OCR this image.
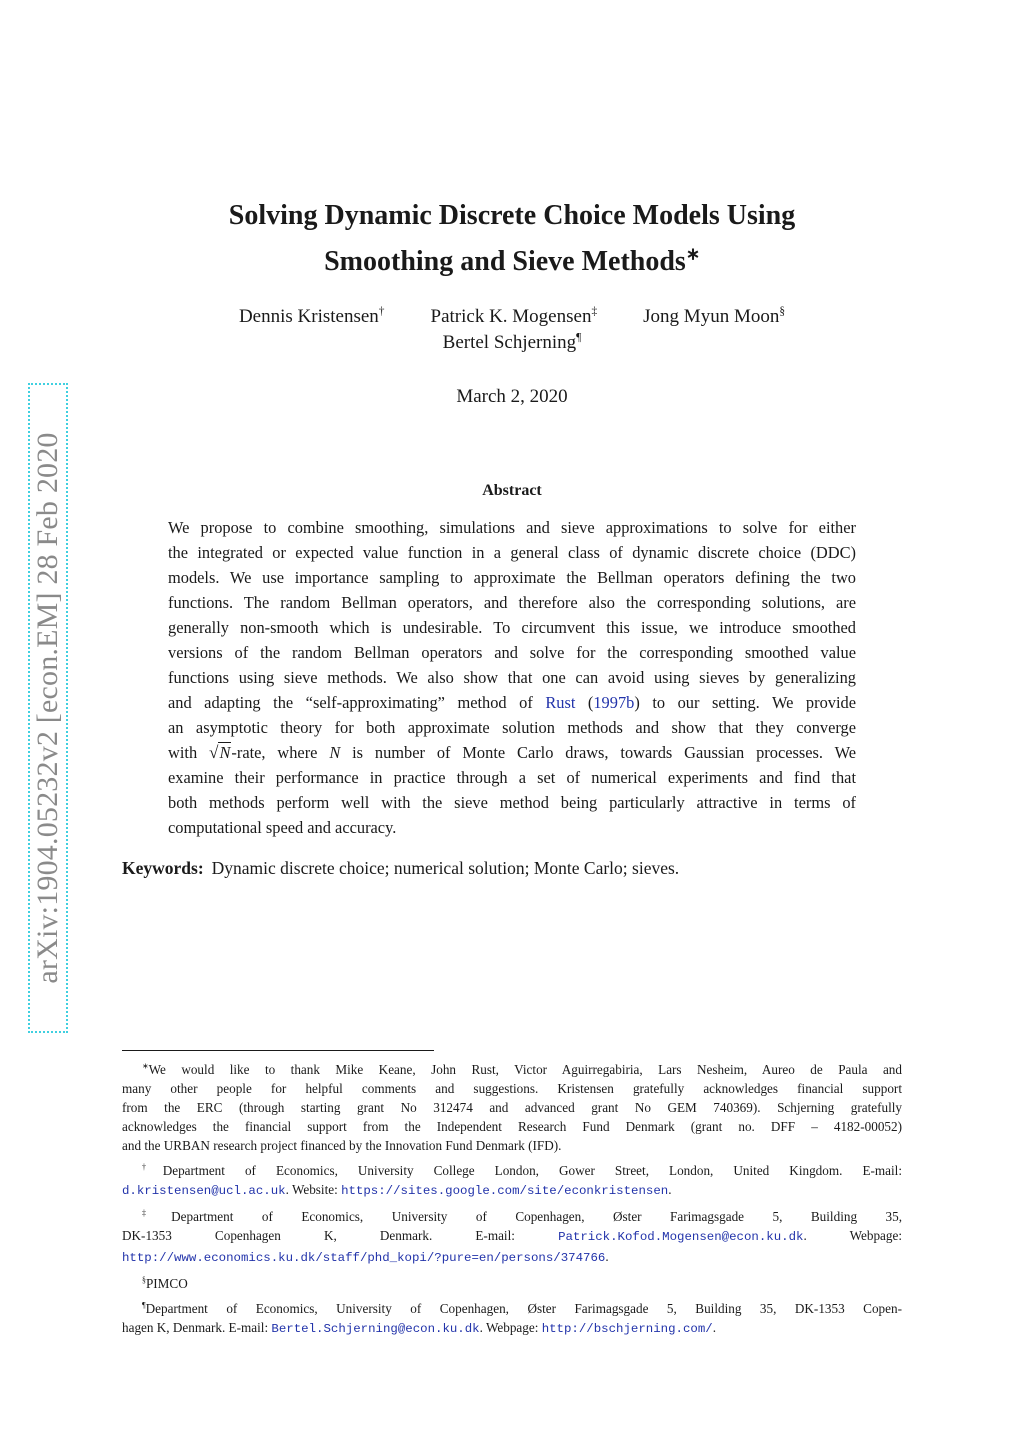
arXiv:1904.05232v2 [econ.EM] 28 Feb 2020
Solving Dynamic Discrete Choice Models Using
Smoothing and Sieve Methods∗
Dennis Kristensen† Patrick K. Mogensen‡ Jong Myun Moon§
Bertel Schjerning¶
March 2, 2020
Abstract
We propose to combine smoothing, simulations and sieve approximations to solve for either
the integrated or expected value function in a general class of dynamic discrete choice (DDC)
models. We use importance sampling to approximate the Bellman operators defining the two
functions. The random Bellman operators, and therefore also the corresponding solutions, are
generally non-smooth which is undesirable. To circumvent this issue, we introduce smoothed
versions of the random Bellman operators and solve for the corresponding smoothed value
functions using sieve methods. We also show that one can avoid using sieves by generalizing
and adapting the “self-approximating” method of Rust (1997b) to our setting. We provide
an asymptotic theory for both approximate solution methods and show that they converge
with √N-rate, where N is number of Monte Carlo draws, towards Gaussian processes. We
examine their performance in practice through a set of numerical experiments and find that
both methods perform well with the sieve method being particularly attractive in terms of
computational speed and accuracy.
Keywords: Dynamic discrete choice; numerical solution; Monte Carlo; sieves.
∗We would like to thank Mike Keane, John Rust, Victor Aguirregabiria, Lars Nesheim, Aureo de Paula and
many other people for helpful comments and suggestions. Kristensen gratefully acknowledges financial support
from the ERC (through starting grant No 312474 and advanced grant No GEM 740369). Schjerning gratefully
acknowledges the financial support from the Independent Research Fund Denmark (grant no. DFF – 4182-00052)
and the URBAN research project financed by the Innovation Fund Denmark (IFD).
†Department of Economics, University College London, Gower Street, London, United Kingdom. E-mail:
d.kristensen@ucl.ac.uk. Website: https://sites.google.com/site/econkristensen.
‡Department of Economics, University of Copenhagen, Øster Farimagsgade 5, Building 35,
DK-1353 Copenhagen K, Denmark. E-mail:	Patrick.Kofod.Mogensen@econ.ku.dk. Webpage:
http://www.economics.ku.dk/staff/phd_kopi/?pure=en/persons/374766.
§PIMCO
¶Department of Economics, University of Copenhagen, Øster Farimagsgade 5, Building 35, DK-1353 Copen-
hagen K, Denmark. E-mail: Bertel.Schjerning@econ.ku.dk. Webpage: http://bschjerning.com/.
